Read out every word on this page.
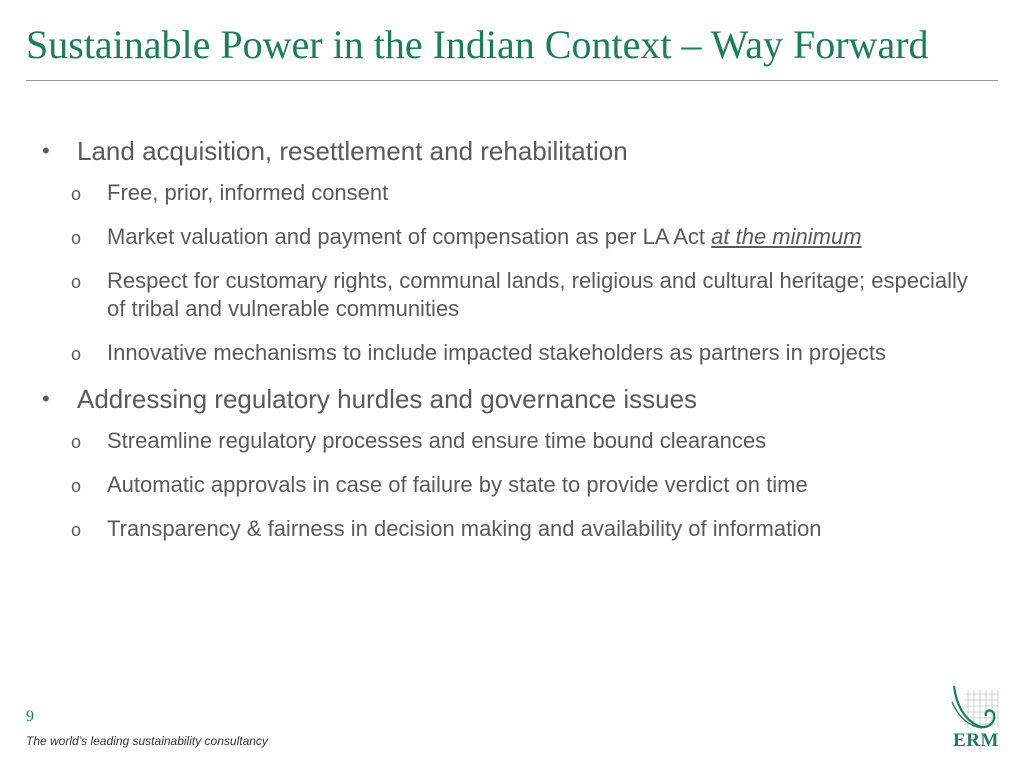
Sustainable Power in the Indian Context – Way Forward
• Land acquisition, resettlement and rehabilitation
o Free, prior, informed consent
o Market valuation and payment of compensation as per LA Act at the minimum
o Respect for customary rights, communal lands, religious and cultural heritage; especially of tribal and vulnerable communities
o Innovative mechanisms to include impacted stakeholders as partners in projects
• Addressing regulatory hurdles and governance issues
o Streamline regulatory processes and ensure time bound clearances
o Automatic approvals in case of failure by state to provide verdict on time
o Transparency & fairness in decision making and availability of information
9
The world’s leading sustainability consultancy	ERM
